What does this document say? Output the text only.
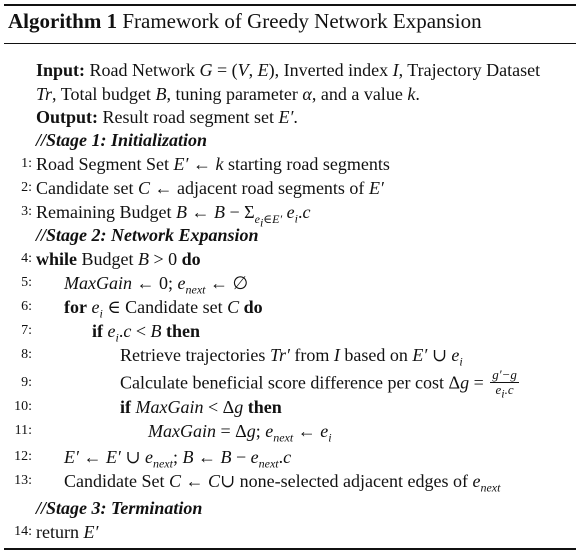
Algorithm 1 Framework of Greedy Network Expansion
Input: Road Network G = (V, E), Inverted index I, Trajectory Dataset
Tr, Total budget B, tuning parameter α, and a value k.
Output: Result road segment set E′.
//Stage 1: Initialization
1: Road Segment Set E′ ← k starting road segments
2: Candidate set C ← adjacent road segments of E′
3: Remaining Budget B ← $B - \Sigma_{e_i\in E'}$ $e_i.c$
//Stage 2: Network Expansion
4: while Budget B > 0 do
5: MaxGain ← 0; $e_{next}$ ← ∅
6: for $e_i$ ∈ Candidate set C do
7:	if $e_i.c < B$ then
8:	Retrieve trajectories Tr′ from I based on E′ ∪ $e_i$
9:	Calculate beneficial score difference per cost $\Delta g = \frac{g'-g}{e_i.c}$
10:	if MaxGain < Δg then
11:	MaxGain = Δg; $e_{next}$ ← $e_i$
12: E′ ← E′ ∪ $e_{next}$; B ← $B - e_{next}.c$
13: Candidate Set C ← C∪ none-selected adjacent edges of $e_{next}$
//Stage 3: Termination
14: return E′
